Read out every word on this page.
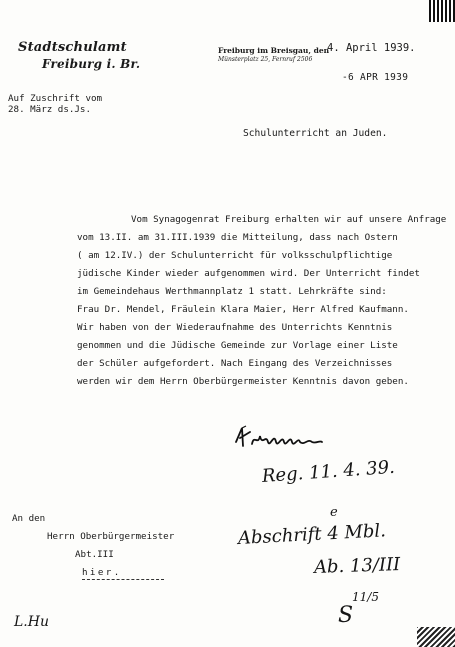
Stadtschulamt
Freiburg i. Br.
Freiburg im Breisgau, den
Münsterplatz 25, Fernruf 2506
4. April 1939.
-6 APR 1939
Auf Zuschrift vom
28. März ds.Js.
Schulunterricht an Juden.
Vom Synagogenrat Freiburg erhalten wir auf unsere Anfrage
vom 13.II. am 31.III.1939 die Mitteilung, dass nach Ostern
( am 12.IV.) der Schulunterricht für volksschulpflichtige
jüdische Kinder wieder aufgenommen wird. Der Unterricht findet
im Gemeindehaus Werthmannplatz 1 statt. Lehrkräfte sind:
Frau Dr. Mendel, Fräulein Klara Maier, Herr Alfred Kaufmann.
Wir haben von der Wiederaufnahme des Unterrichts Kenntnis
genommen und die Jüdische Gemeinde zur Vorlage einer Liste
der Schüler aufgefordert. Nach Eingang des Verzeichnisses
werden wir dem Herrn Oberbürgermeister Kenntnis davon geben.
Reg. 11. 4. 39.
e
Abschrift 4 Mbl.
Ab. 13/III
11/5
S
L.Hu
An den
Herrn Oberbürgermeister
Abt.III
hier.
